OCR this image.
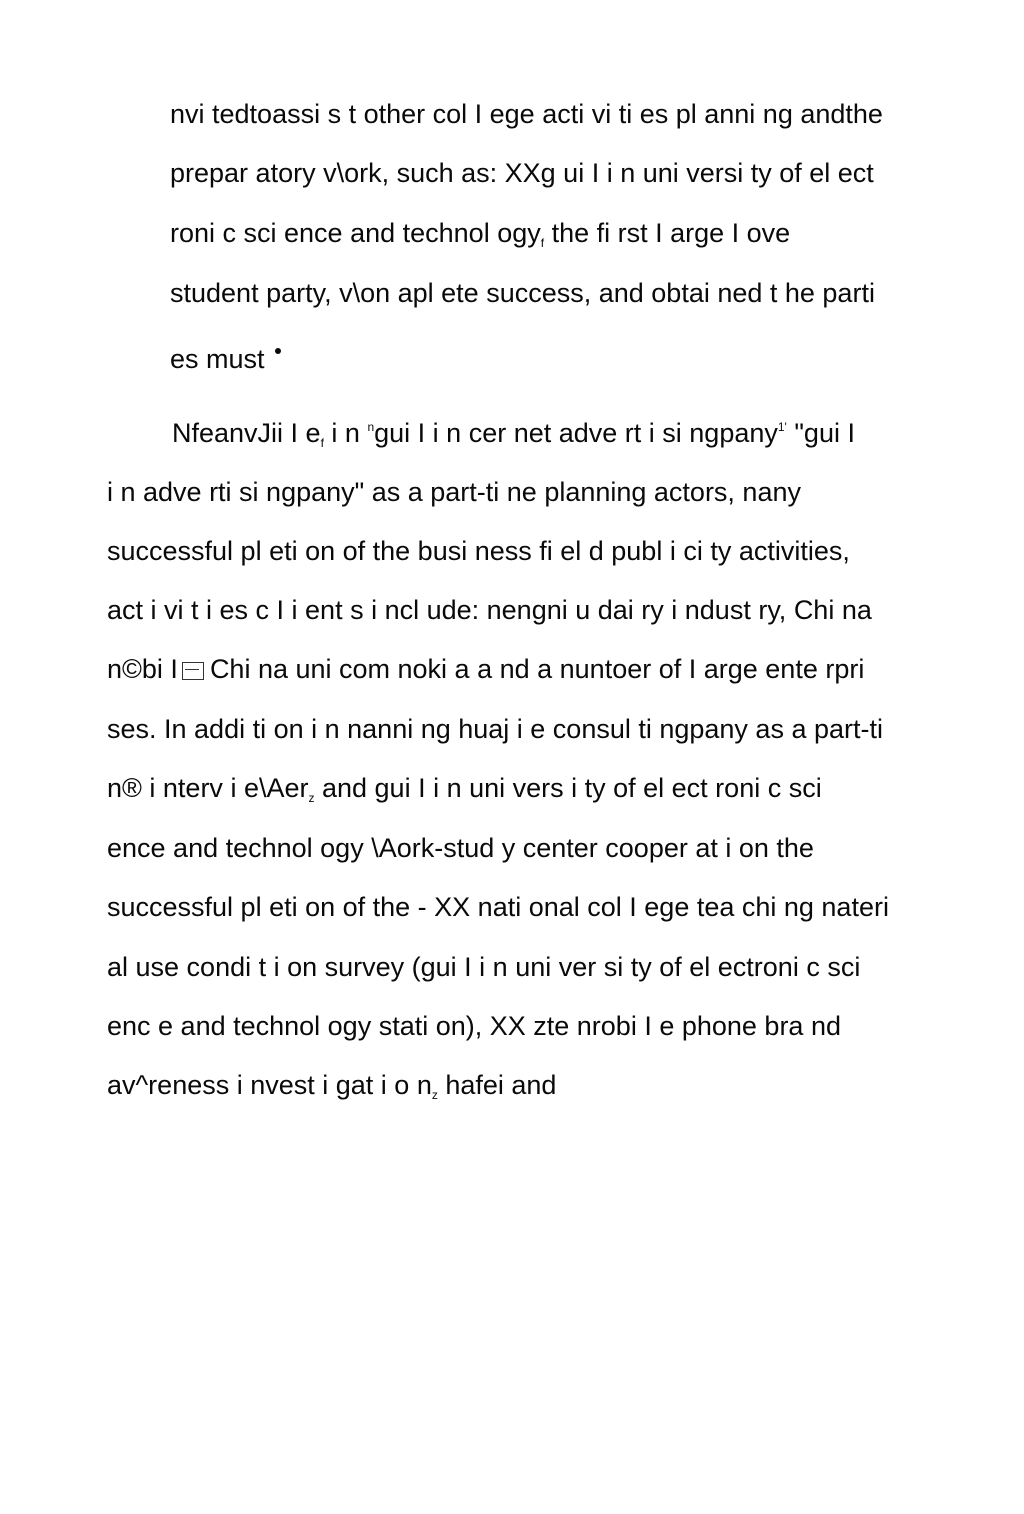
nvi tedtoassi s t other col I ege acti vi ti es pl anni ng andthe
prepar atory v\ork, such as: XXg ui I i n uni versi ty of el ect
roni c sci ence and technol ogy$_f$ the fi rst I arge I ove
student party, v\on apl ete success, and obtai ned t he parti
es must
NfeanvJii I $e_f$ i n $^n$gui I i n cer net adve rt i si ngpany$^{1'}$ "gui I
i n adve rti si ngpany" as a part-ti ne planning actors, nany
successful pl eti on of the busi ness fi el d publ i ci ty activities,
act i vi t i es c I i ent s i ncl ude: nengni u dai ry i ndust ry, Chi na
n©bi I Chi na uni com noki a a nd a nuntoer of I arge ente rpri
ses. In addi ti on i n nanni ng huaj i e consul ti ngpany as a part-ti
n® i nterv i e\Aer$_z$ and gui I i n uni vers i ty of el ect roni c sci
ence and technol ogy \Aork-stud y center cooper at i on the
successful pl eti on of the - XX nati onal col I ege tea chi ng nateri
al use condi t i on survey (gui I i n uni ver si ty of el ectroni c sci
enc e and technol ogy stati on), XX zte nrobi I e phone bra nd
av^reness i nvest i gat i o $n_z$ hafei and
